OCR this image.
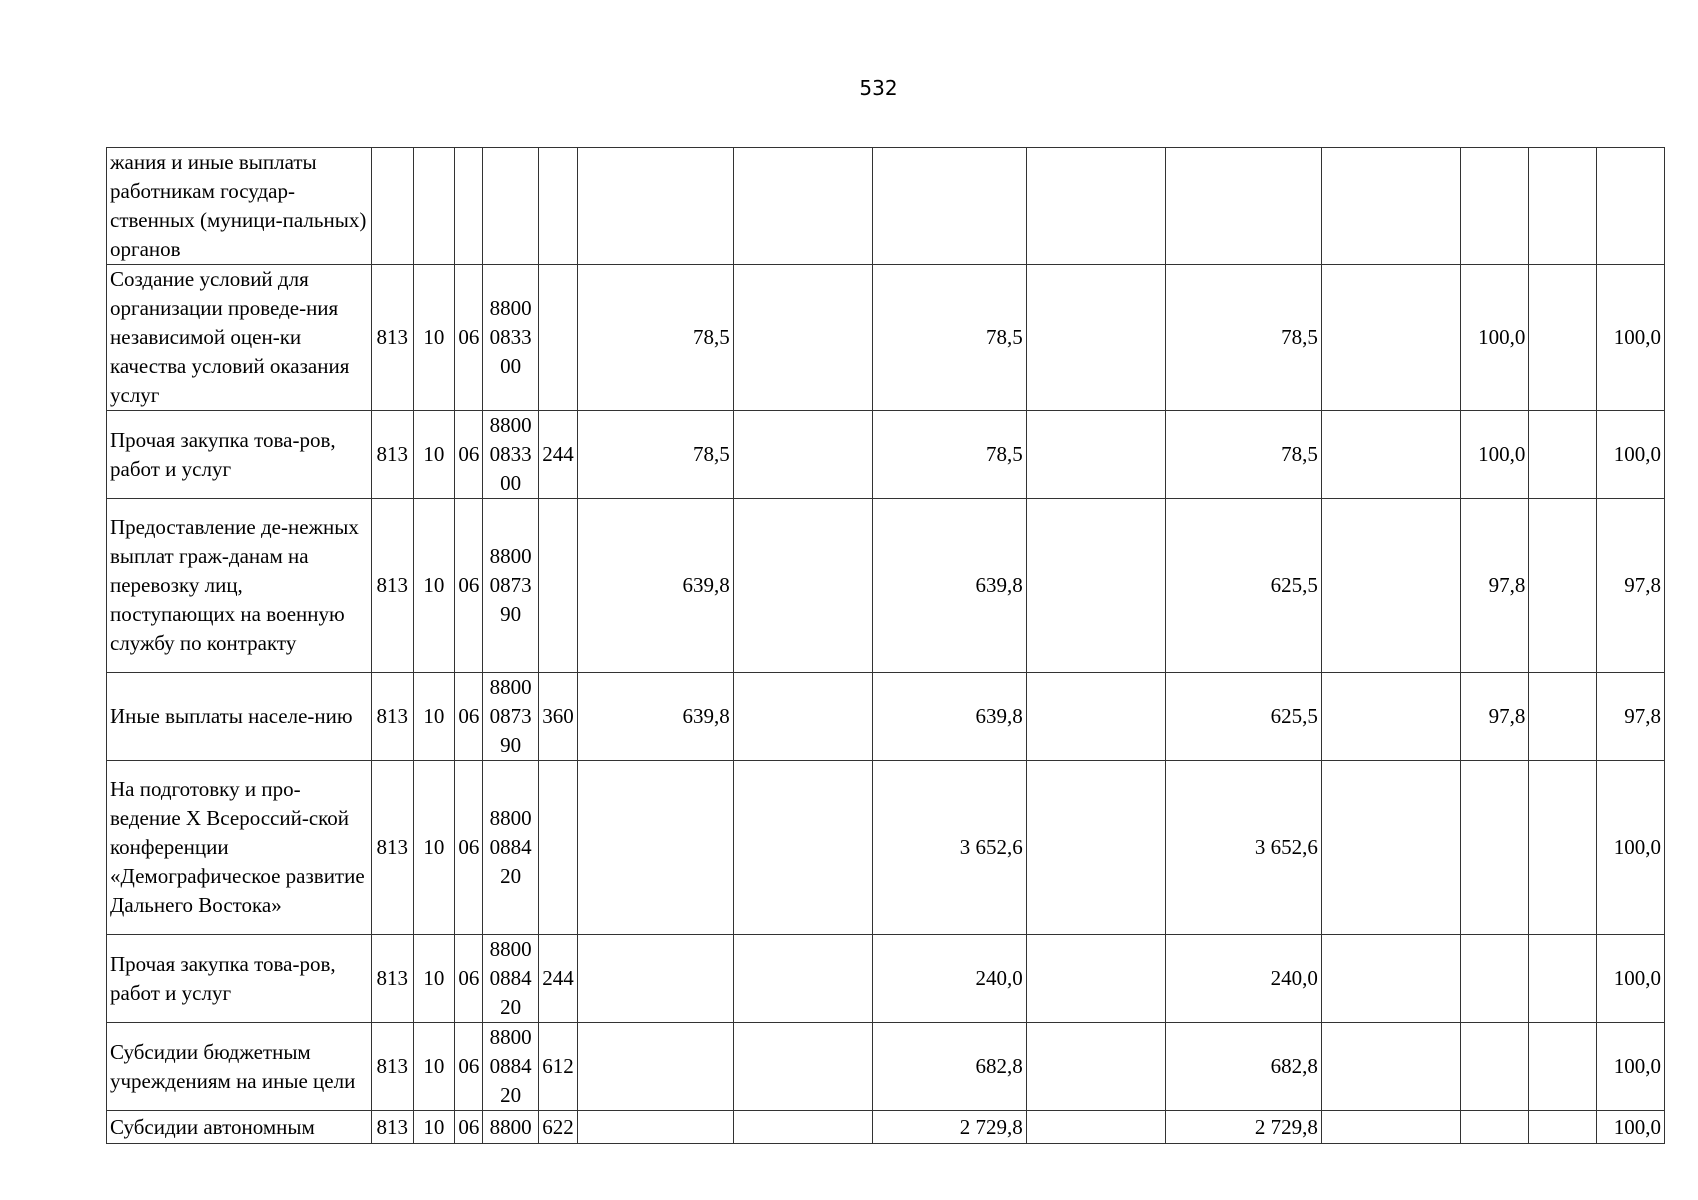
532
жания и иные выплаты работникам государ-ственных (муници-пальных) органов														
Создание условий для организации проведе-ния независимой оцен-ки качества условий оказания услуг	813	10	06	8800 0833 00		78,5		78,5		78,5		100,0		100,0
Прочая закупка това-ров, работ и услуг	813	10	06	8800 0833 00	244	78,5		78,5		78,5		100,0		100,0
Предоставление де-нежных выплат граж-данам на перевозку лиц, поступающих на военную службу по контракту	813	10	06	8800 0873 90		639,8		639,8		625,5		97,8		97,8
Иные выплаты населе-нию	813	10	06	8800 0873 90	360	639,8		639,8		625,5		97,8		97,8
На подготовку и про-ведение X Всероссий-ской конференции «Демографическое развитие Дальнего Востока»	813	10	06	8800 0884 20				3 652,6		3 652,6				100,0
Прочая закупка това-ров, работ и услуг	813	10	06	8800 0884 20	244			240,0		240,0				100,0
Субсидии бюджетным учреждениям на иные цели	813	10	06	8800 0884 20	612			682,8		682,8				100,0
Субсидии автономным	813	10	06	8800	622			2 729,8		2 729,8				100,0
